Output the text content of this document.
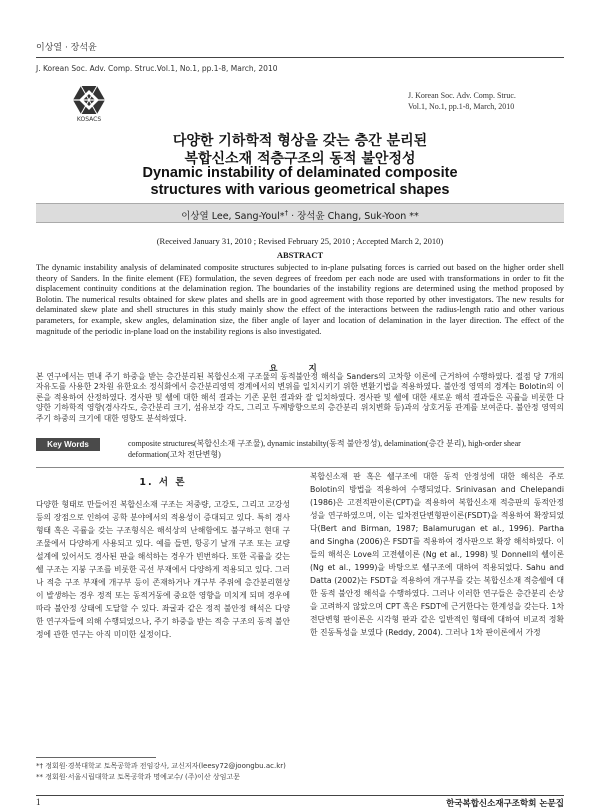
이상열 · 장석윤
J. Korean Soc. Adv. Comp. Struc.Vol.1, No.1, pp.1-8, March, 2010
KOSACS
J. Korean Soc. Adv. Comp. Struc.
Vol.1, No.1, pp.1-8, March, 2010
다양한 기하학적 형상을 갖는 층간 분리된
복합신소재 적층구조의 동적 불안정성
Dynamic instability of delaminated composite
structures with various geometrical shapes
이상열 Lee, Sang-Youl*† · 장석윤 Chang, Suk-Yoon **
(Received January 31, 2010 ; Revised February 25, 2010 ; Accepted March 2, 2010)
ABSTRACT
The dynamic instability analysis of delaminated composite structures subjected to in-plane pulsating forces is carried out based on the higher order shell theory of Sanders. In the finite element (FE) formulation, the seven degrees of freedom per each node are used with transformations in order to fit the displacement continuity conditions at the delamination region. The boundaries of the instability regions are determined using the method proposed by Bolotin. The numerical results obtained for skew plates and shells are in good agreement with those reported by other investigators. The new results for delaminated skew plate and shell structures in this study mainly show the effect of the interactions between the radius-length ratio and other various parameters, for example, skew angles, delamination size, the fiber angle of layer and location of delamination in the layer direction. The effect of the magnitude of the periodic in-plane load on the instability regions is also investigated.
요 지
본 연구에서는 면내 주기 하중을 받는 층간분리된 복합신소재 구조물의 동적불안정 해석을 Sanders의 고차항 이론에 근거하여 수행하였다. 절점 당 7개의 자유도를 사용한 2차원 유한요소 정식화에서 층간분리영역 경계에서의 변위를 일치시키기 위한 변환기법을 적용하였다. 불안정 영역의 경계는 Bolotin의 이론을 적용하여 산정하였다. 경사판 및 쉘에 대한 해석 결과는 기존 문헌 결과와 잘 일치하였다. 경사판 및 쉘에 대한 새로운 해석 결과들은 곡률을 비롯한 다양한 기하학적 영향(경사각도, 층간분리 크기, 섬유보강 각도, 그리고 두께방향으로의 층간분리 위치변화 등)과의 상호거동 관계를 보여준다. 불안정 영역의 주기 하중의 크기에 대한 영향도 분석하였다.
Key Words	composite structures(복합신소재 구조물), dynamic instabilty(동적 불안정성), delamination(층간 분리), high-order shear deformation(고차 전단변형)
1. 서 론
다양한 형태로 만들어진 복합신소재 구조는 저중량, 고강도, 그리고 고강성 등의 장점으로 인하여 공학 분야에서의 적용성이 증대되고 있다. 특히 경사 형태 혹은 곡률을 갖는 구조형식은 해석상의 난해함에도 불구하고 현대 구조물에서 다양하게 사용되고 있다. 예를 들면, 항공기 날개 구조 또는 교량설계에 있어서도 경사된 판을 해석하는 경우가 빈번하다. 또한 곡률을 갖는 쉘 구조는 지붕 구조를 비롯한 곡선 부재에서 다양하게 적용되고 있다. 그러나 적층 구조 부재에 개구부 등이 존재하거나 개구부 주위에 층간분리현상이 발생하는 경우 정적 또는 동적거동에 중요한 영향을 미치게 되며 경우에 따라 불안정 상태에 도달할 수 있다. 좌굴과 같은 정적 불안정 해석은 다양한 연구자들에 의해 수행되었으나, 주기 하중을 받는 적층 구조의 동적 불안정에 관한 연구는 아직 미미한 실정이다.
복합신소재 판 혹은 쉘구조에 대한 동적 안정성에 대한 해석은 주로 Bolotin의 방법을 적용하여 수행되었다. Srinivasan and Chelepandi (1986)은 고전적판이론(CPT)을 적용하여 복합신소재 적층판의 동적안정성을 연구하였으며, 이는 일차전단변형판이론(FSDT)을 적용하여 확장되었다(Bert and Birman, 1987; Balamurugan et al., 1996). Partha and Singha (2006)은 FSDT를 적용하여 경사판으로 확장 해석하였다. 이들의 해석은 Love의 고전쉘이론 (Ng et al., 1998) 및 Donnell의 쉘이론 (Ng et al., 1999)을 바탕으로 쉘구조에 대하여 적용되었다. Sahu and Datta (2002)는 FSDT을 적용하여 개구부를 갖는 복합신소재 적층쉘에 대한 동적 불안정 해석을 수행하였다. 그러나 이러한 연구들은 층간분리 손상을 고려하지 않았으며 CPT 혹은 FSDT에 근거한다는 한계성을 갖는다. 1차 전단변형 판이론은 시각형 판과 같은 일반적인 형태에 대하여 비교적 정확한 진동특성을 보였다 (Reddy, 2004). 그러나 1차 판이론에서 가정
*† 정회원·경북대학교 토목공학과 전임강사, 교신저자(leesy72@joongbu.ac.kr)
** 정회원·서울시립대학교 토목공학과 명예교수/ (주)이산 상임고문
1	한국복합신소재구조학회 논문집
